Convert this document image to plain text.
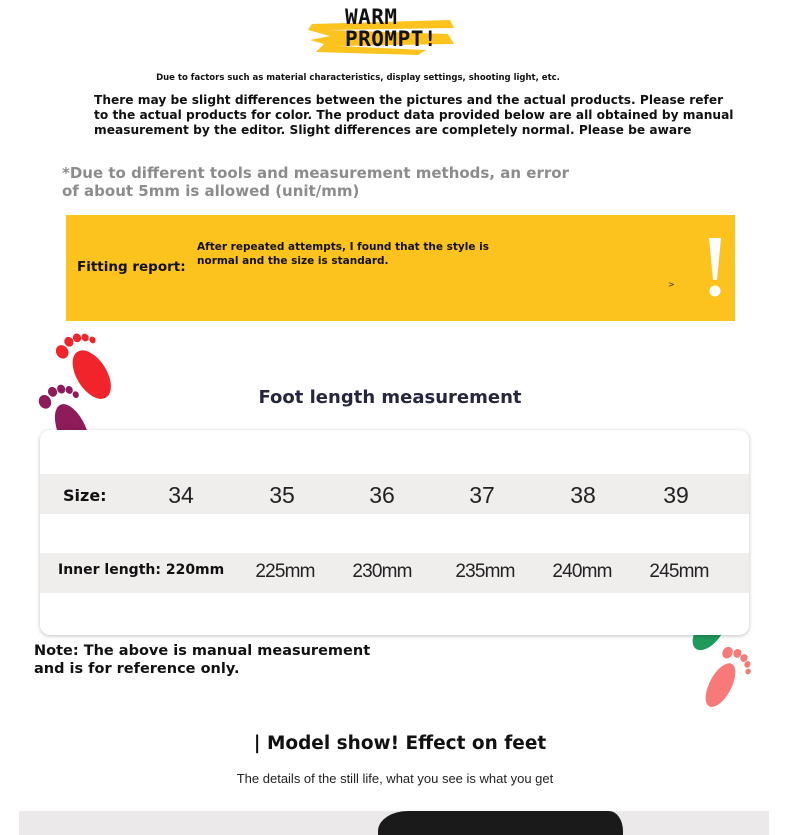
WARM
PROMPT!
Due to factors such as material characteristics, display settings, shooting light, etc.
There may be slight differences between the pictures and the actual products. Please refer to the actual products for color. The product data provided below are all obtained by manual measurement by the editor. Slight differences are completely normal. Please be aware
*Due to different tools and measurement methods, an error of about 5mm is allowed (unit/mm)
Fitting report:
After repeated attempts, I found that the style is normal and the size is standard.
>
Foot length measurement
Size:	34	35	36	37	38	39
Inner length: 220mm	225mm	230mm	235mm	240mm	245mm
Note: The above is manual measurement and is for reference only.
| Model show! Effect on feet
The details of the still life, what you see is what you get
